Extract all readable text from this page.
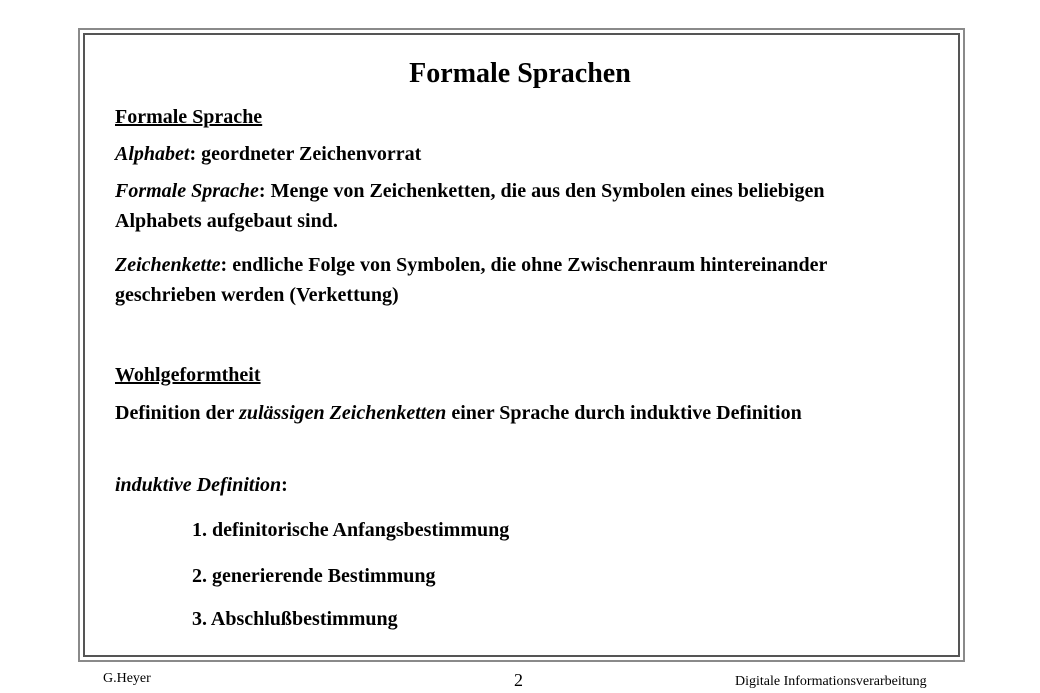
Formale Sprachen
Formale Sprache

Alphabet: geordneter Zeichenvorrat

Formale Sprache: Menge von Zeichenketten, die aus den Symbolen eines beliebigen Alphabets aufgebaut sind.

Zeichenkette: endliche Folge von Symbolen, die ohne Zwischenraum hintereinander geschrieben werden (Verkettung)

Wohlgeformtheit

Definition der zulässigen Zeichenketten einer Sprache durch induktive Definition

induktive Definition:

1. definitorische Anfangsbestimmung
2. generierende Bestimmung
3. Abschlußbestimmung
G.Heyer	2	Digitale Informationsverarbeitung
